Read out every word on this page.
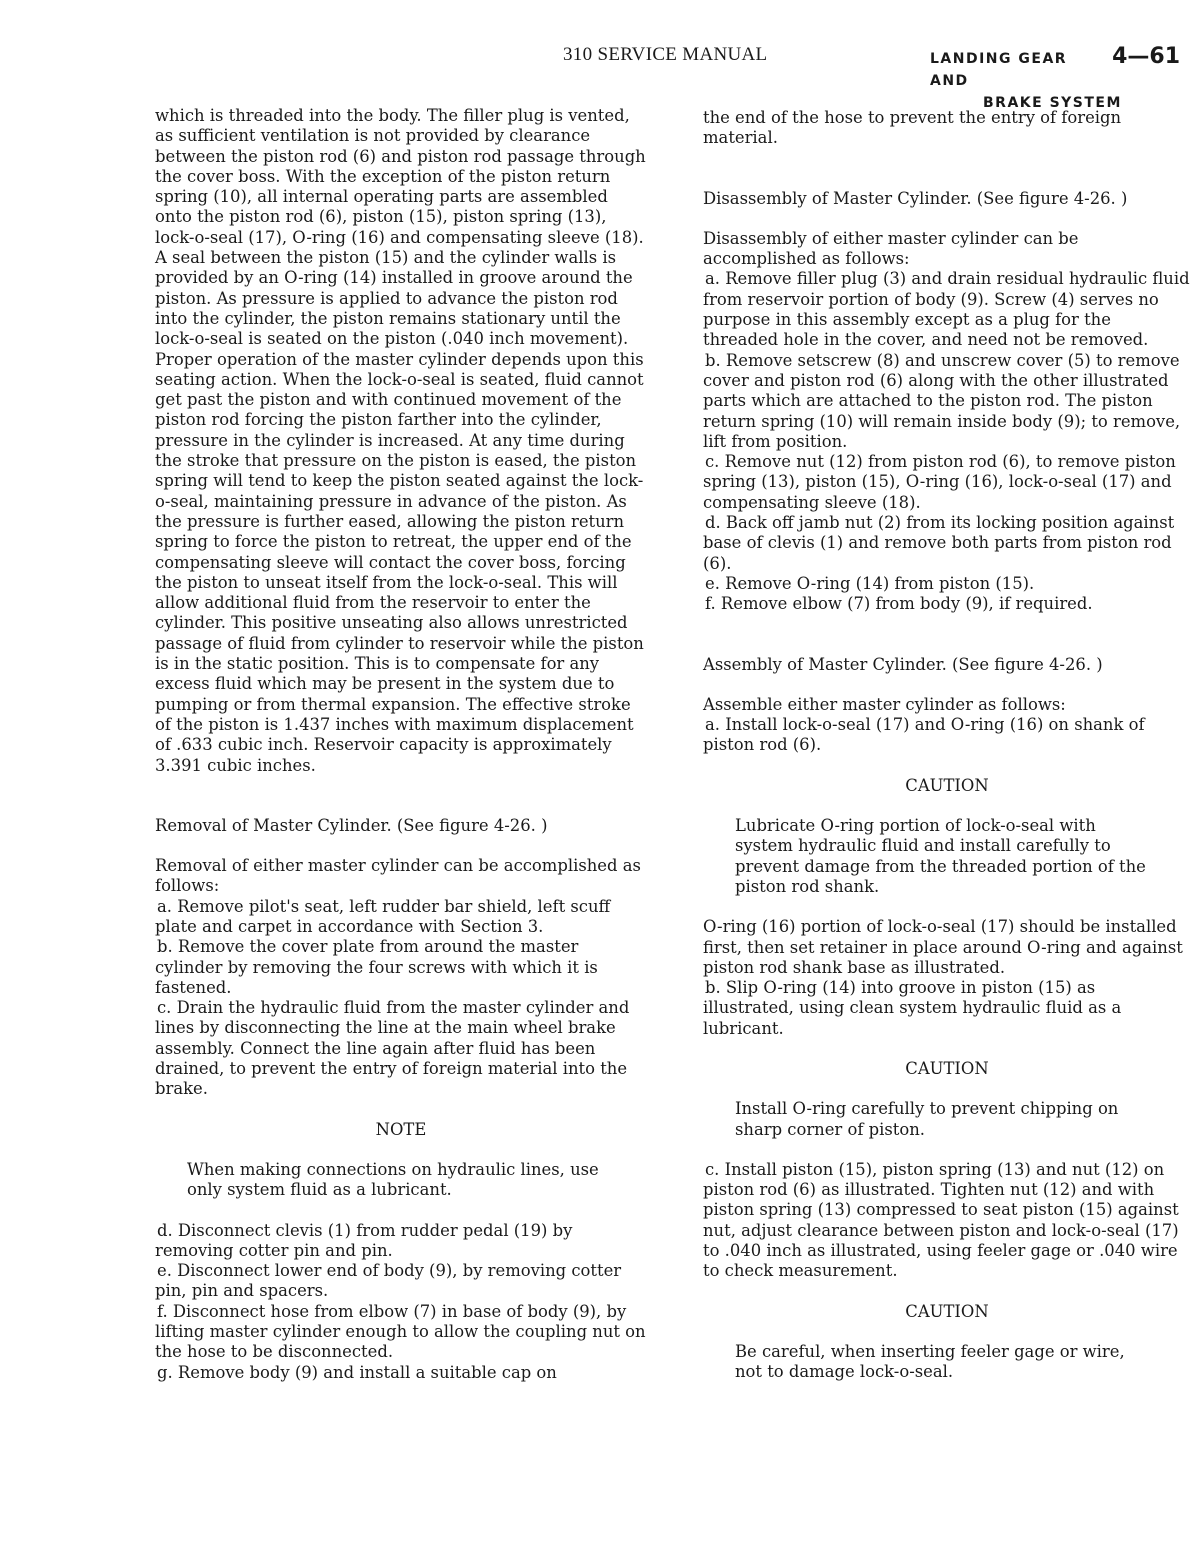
310 SERVICE MANUAL	LANDING GEAR AND
4—61
BRAKE SYSTEM

which is threaded into the body. The filler plug is vented, as sufficient ventilation is not provided by clearance between the piston rod (6) and piston rod passage through the cover boss. With the exception of the piston return spring (10), all internal operating parts are assembled onto the piston rod (6), piston (15), piston spring (13), lock-o-seal (17), O-ring (16) and compensating sleeve (18). A seal between the piston (15) and the cylinder walls is provided by an O-ring (14) installed in groove around the piston. As pressure is applied to advance the piston rod into the cylinder, the piston remains stationary until the lock-o-seal is seated on the piston (.040 inch movement). Proper operation of the master cylinder depends upon this seating action. When the lock-o-seal is seated, fluid cannot get past the piston and with continued movement of the piston rod forcing the piston farther into the cylinder, pressure in the cylinder is increased. At any time during the stroke that pressure on the piston is eased, the piston spring will tend to keep the piston seated against the lock-o-seal, maintaining pressure in advance of the piston. As the pressure is further eased, allowing the piston return spring to force the piston to retreat, the upper end of the compensating sleeve will contact the cover boss, forcing the piston to unseat itself from the lock-o-seal. This will allow additional fluid from the reservoir to enter the cylinder. This positive unseating also allows unrestricted passage of fluid from cylinder to reservoir while the piston is in the static position. This is to compensate for any excess fluid which may be present in the system due to pumping or from thermal expansion. The effective stroke of the piston is 1.437 inches with maximum displacement of .633 cubic inch. Reservoir capacity is approximately 3.391 cubic inches.

Removal of Master Cylinder. (See figure 4-26. )

Removal of either master cylinder can be accomplished as follows:

a. Remove pilot's seat, left rudder bar shield, left scuff plate and carpet in accordance with Section 3.

b. Remove the cover plate from around the master cylinder by removing the four screws with which it is fastened.

c. Drain the hydraulic fluid from the master cylinder and lines by disconnecting the line at the main wheel brake assembly. Connect the line again after fluid has been drained, to prevent the entry of foreign material into the brake.

NOTE

When making connections on hydraulic lines, use only system fluid as a lubricant.

d. Disconnect clevis (1) from rudder pedal (19) by removing cotter pin and pin.

e. Disconnect lower end of body (9), by removing cotter pin, pin and spacers.

f. Disconnect hose from elbow (7) in base of body (9), by lifting master cylinder enough to allow the coupling nut on the hose to be disconnected.

g. Remove body (9) and install a suitable cap on

the end of the hose to prevent the entry of foreign material.

Disassembly of Master Cylinder. (See figure 4-26. )

Disassembly of either master cylinder can be accomplished as follows:

a. Remove filler plug (3) and drain residual hydraulic fluid from reservoir portion of body (9). Screw (4) serves no purpose in this assembly except as a plug for the threaded hole in the cover, and need not be removed.

b. Remove setscrew (8) and unscrew cover (5) to remove cover and piston rod (6) along with the other illustrated parts which are attached to the piston rod. The piston return spring (10) will remain inside body (9); to remove, lift from position.

c. Remove nut (12) from piston rod (6), to remove piston spring (13), piston (15), O-ring (16), lock-o-seal (17) and compensating sleeve (18).

d. Back off jamb nut (2) from its locking position against base of clevis (1) and remove both parts from piston rod (6).

e. Remove O-ring (14) from piston (15).

f. Remove elbow (7) from body (9), if required.

Assembly of Master Cylinder. (See figure 4-26. )

Assemble either master cylinder as follows:

a. Install lock-o-seal (17) and O-ring (16) on shank of piston rod (6).

CAUTION

Lubricate O-ring portion of lock-o-seal with system hydraulic fluid and install carefully to prevent damage from the threaded portion of the piston rod shank.

O-ring (16) portion of lock-o-seal (17) should be installed first, then set retainer in place around O-ring and against piston rod shank base as illustrated.

b. Slip O-ring (14) into groove in piston (15) as illustrated, using clean system hydraulic fluid as a lubricant.

CAUTION

Install O-ring carefully to prevent chipping on sharp corner of piston.

c. Install piston (15), piston spring (13) and nut (12) on piston rod (6) as illustrated. Tighten nut (12) and with piston spring (13) compressed to seat piston (15) against nut, adjust clearance between piston and lock-o-seal (17) to .040 inch as illustrated, using feeler gage or .040 wire to check measurement.

CAUTION

Be careful, when inserting feeler gage or wire, not to damage lock-o-seal.
